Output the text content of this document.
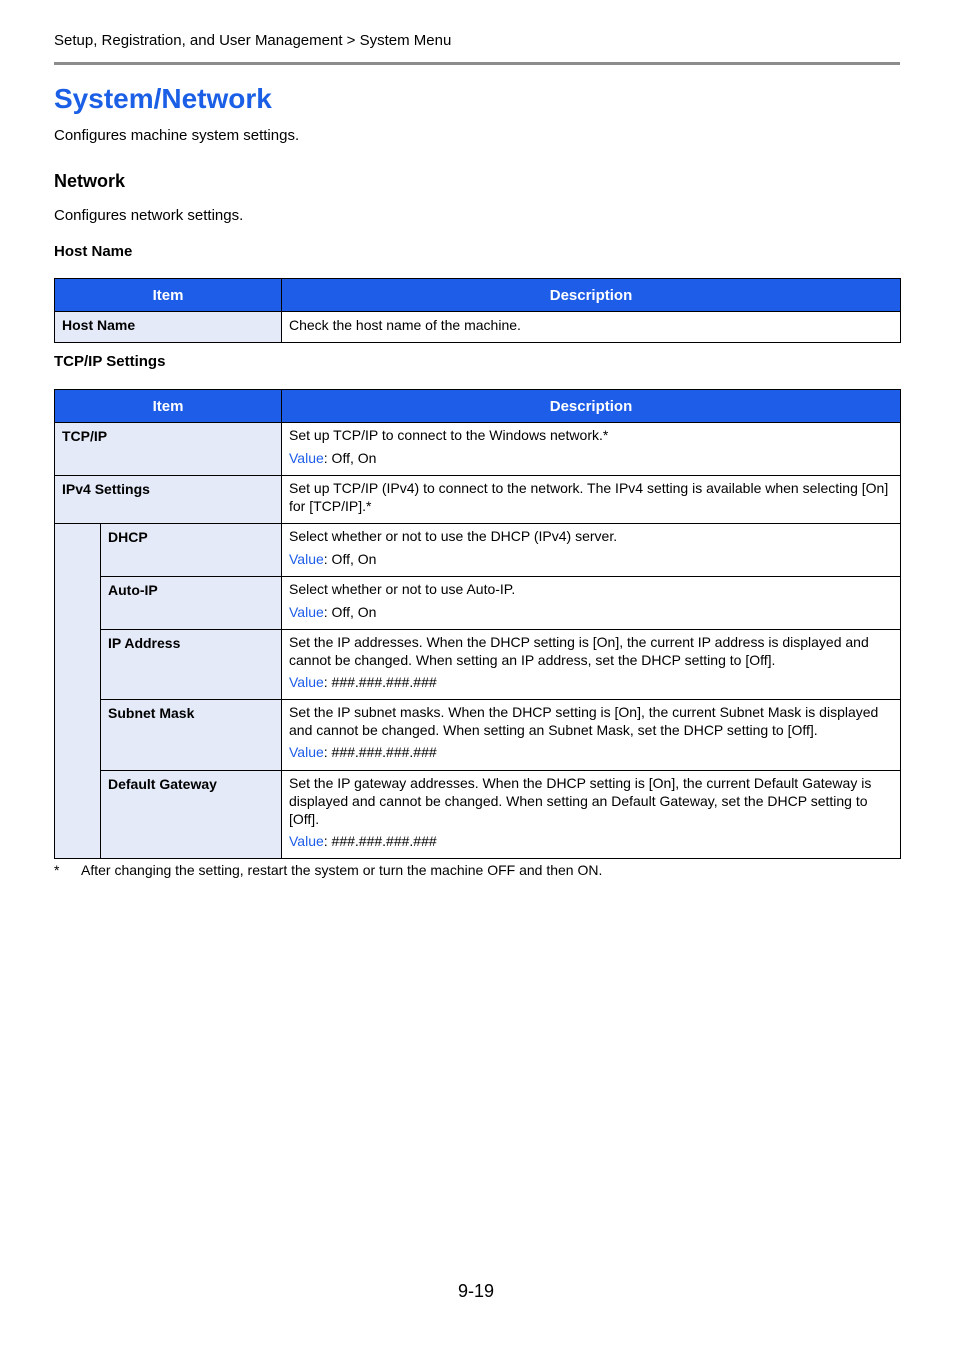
Setup, Registration, and User Management > System Menu
System/Network
Configures machine system settings.
Network
Configures network settings.
Host Name
Item	Description
Host Name	Check the host name of the machine.
TCP/IP Settings
Item		Description
TCP/IP		Set up TCP/IP to connect to the Windows network.*
Value: Off, On

IPv4 Settings		Set up TCP/IP (IPv4) to connect to the network. The IPv4 setting is available when selecting [On] for [TCP/IP].*
	DHCP	Select whether or not to use the DHCP (IPv4) server.
Value: Off, On

	Auto-IP	Select whether or not to use Auto-IP.
Value: Off, On

	IP Address	Set the IP addresses. When the DHCP setting is [On], the current IP address is displayed and cannot be changed. When setting an IP address, set the DHCP setting to [Off].
Value: ###.###.###.###

	Subnet Mask	Set the IP subnet masks. When the DHCP setting is [On], the current Subnet Mask is displayed and cannot be changed. When setting an Subnet Mask, set the DHCP setting to [Off].
Value: ###.###.###.###

	Default Gateway	Set the IP gateway addresses. When the DHCP setting is [On], the current Default Gateway is displayed and cannot be changed. When setting an Default Gateway, set the DHCP setting to [Off].
Value: ###.###.###.###
* After changing the setting, restart the system or turn the machine OFF and then ON.
9-19
